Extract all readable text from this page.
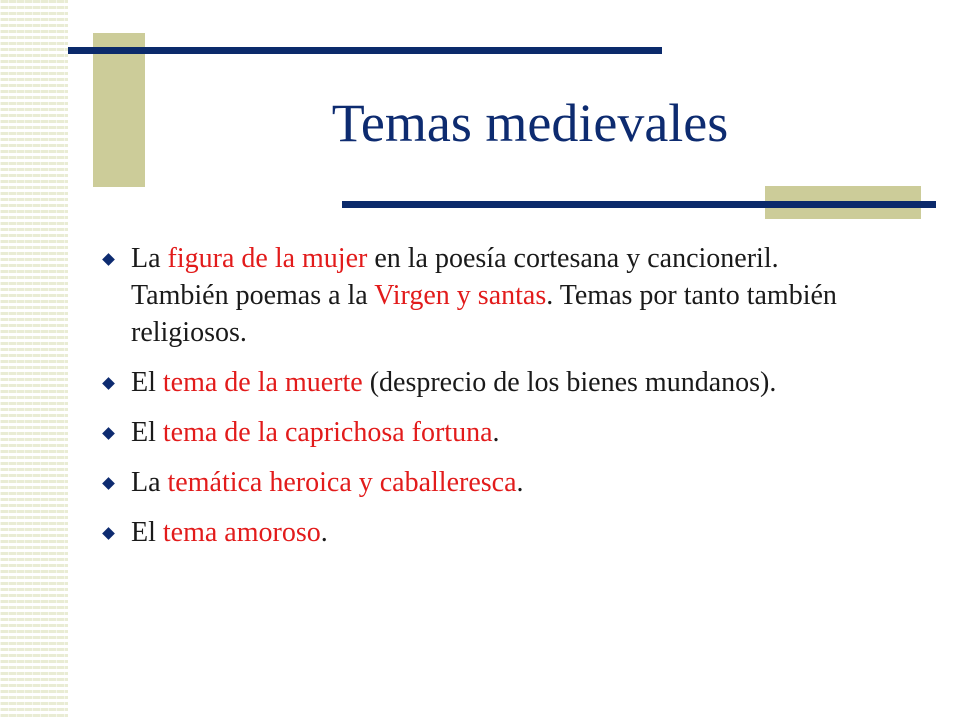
Temas medievales
La figura de la mujer en la poesía cortesana y cancioneril. También poemas a la Virgen y santas. Temas por tanto también religiosos.
El tema de la muerte (desprecio de los bienes mundanos).
El tema de la caprichosa fortuna.
La temática heroica y caballeresca.
El tema amoroso.
